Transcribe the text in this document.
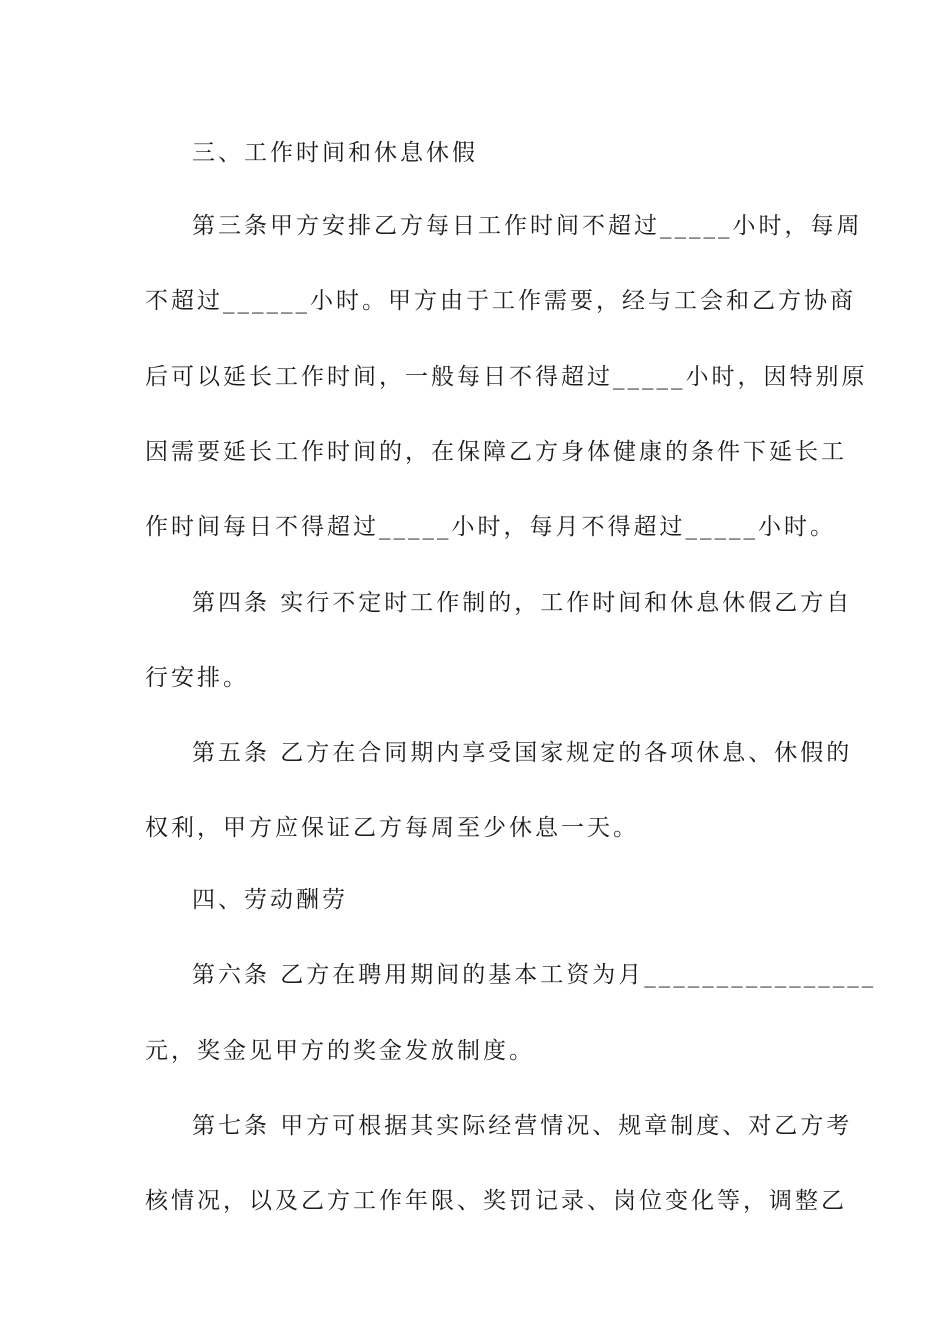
三、工作时间和休息休假
第三条甲方安排乙方每日工作时间不超过_____小时，每周
不超过______小时。甲方由于工作需要，经与工会和乙方协商
后可以延长工作时间，一般每日不得超过_____小时，因特别原
因需要延长工作时间的，在保障乙方身体健康的条件下延长工
作时间每日不得超过_____小时，每月不得超过_____小时。
第四条 实行不定时工作制的，工作时间和休息休假乙方自
行安排。
第五条 乙方在合同期内享受国家规定的各项休息、休假的
权利，甲方应保证乙方每周至少休息一天。
四、劳动酬劳
第六条 乙方在聘用期间的基本工资为月________________
元，奖金见甲方的奖金发放制度。
第七条 甲方可根据其实际经营情况、规章制度、对乙方考
核情况，以及乙方工作年限、奖罚记录、岗位变化等，调整乙
